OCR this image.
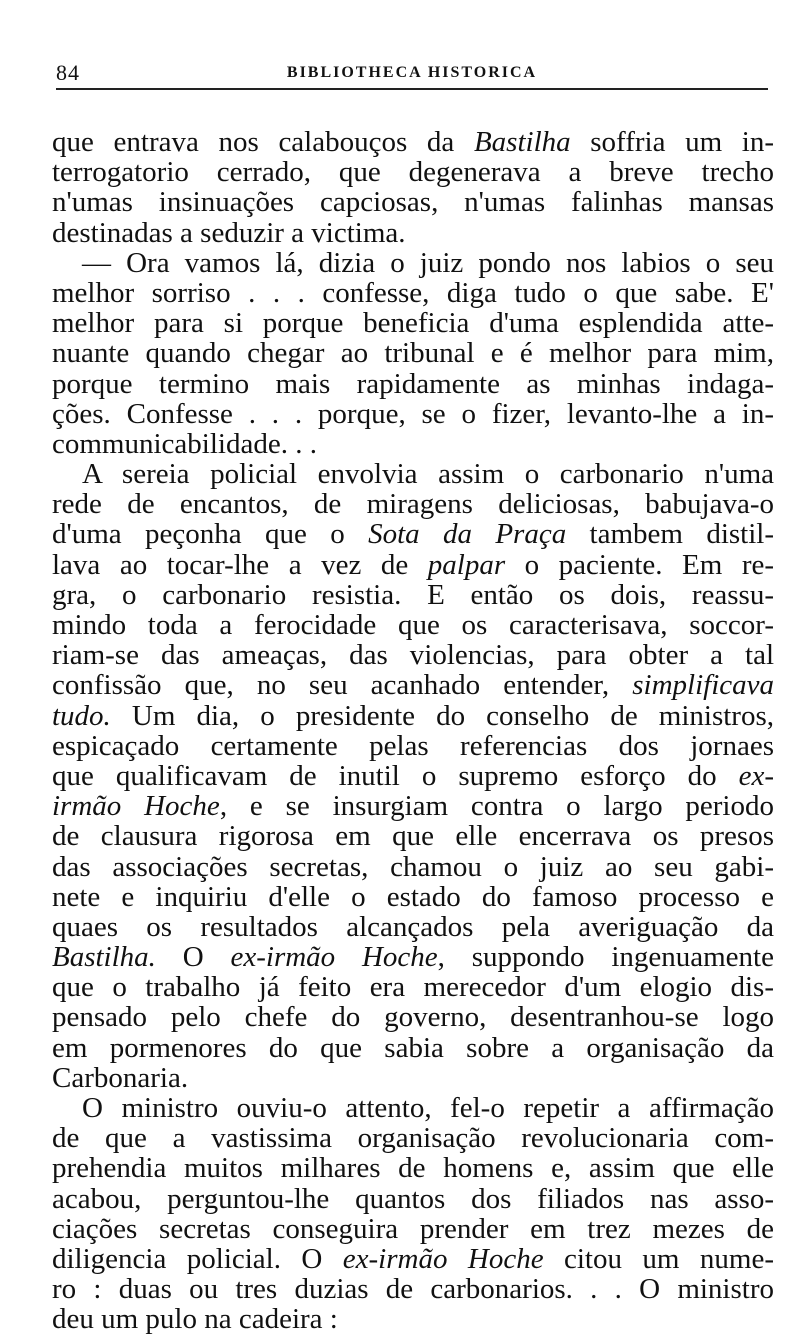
84	BIBLIOTHECA HISTORICA
que entrava nos calabouços da Bastilha soffria um in-
terrogatorio cerrado, que degenerava a breve trecho
n'umas insinuações capciosas, n'umas falinhas mansas
destinadas a seduzir a victima.
— Ora vamos lá, dizia o juiz pondo nos labios o seu
melhor sorriso . . . confesse, diga tudo o que sabe. E'
melhor para si porque beneficia d'uma esplendida atte-
nuante quando chegar ao tribunal e é melhor para mim,
porque termino mais rapidamente as minhas indaga-
ções. Confesse . . . porque, se o fizer, levanto-lhe a in-
communicabilidade. . .
A sereia policial envolvia assim o carbonario n'uma
rede de encantos, de miragens deliciosas, babujava-o
d'uma peçonha que o Sota da Praça tambem distil-
lava ao tocar-lhe a vez de palpar o paciente. Em re-
gra, o carbonario resistia. E então os dois, reassu-
mindo toda a ferocidade que os caracterisava, soccor-
riam-se das ameaças, das violencias, para obter a tal
confissão que, no seu acanhado entender, simplificava
tudo. Um dia, o presidente do conselho de ministros,
espicaçado certamente pelas referencias dos jornaes
que qualificavam de inutil o supremo esforço do ex-
irmão Hoche, e se insurgiam contra o largo periodo
de clausura rigorosa em que elle encerrava os presos
das associações secretas, chamou o juiz ao seu gabi-
nete e inquiriu d'elle o estado do famoso processo e
quaes os resultados alcançados pela averiguação da
Bastilha. O ex-irmão Hoche, suppondo ingenuamente
que o trabalho já feito era merecedor d'um elogio dis-
pensado pelo chefe do governo, desentranhou-se logo
em pormenores do que sabia sobre a organisação da
Carbonaria.
O ministro ouviu-o attento, fel-o repetir a affirmação
de que a vastissima organisação revolucionaria com-
prehendia muitos milhares de homens e, assim que elle
acabou, perguntou-lhe quantos dos filiados nas asso-
ciações secretas conseguira prender em trez mezes de
diligencia policial. O ex-irmão Hoche citou um nume-
ro : duas ou tres duzias de carbonarios. . . O ministro
deu um pulo na cadeira :
